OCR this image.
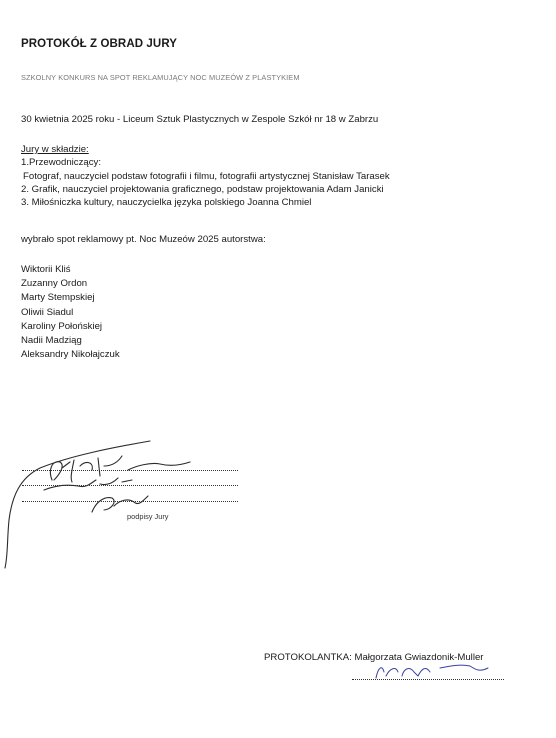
PROTOKÓŁ Z OBRAD JURY
SZKOLNY KONKURS NA SPOT REKLAMUJĄCY NOC MUZEÓW Z PLASTYKIEM
30 kwietnia 2025 roku - Liceum Sztuk Plastycznych w Zespole Szkół nr 18 w Zabrzu
Jury w składzie:
1.Przewodniczący:
Fotograf, nauczyciel podstaw fotografii i filmu, fotografii artystycznej Stanisław Tarasek
2. Grafik, nauczyciel projektowania graficznego, podstaw projektowania Adam Janicki
3. Miłośniczka kultury, nauczycielka języka polskiego Joanna Chmiel
wybrało spot reklamowy pt. Noc Muzeów 2025 autorstwa:
Wiktorii Kliś
Zuzanny Ordon
Marty Stempskiej
Oliwii Siadul
Karoliny Połońskiej
Nadii Madziąg
Aleksandry Nikołajczuk
podpisy Jury
PROTOKOLANTKA: Małgorzata Gwiazdonik-Muller
